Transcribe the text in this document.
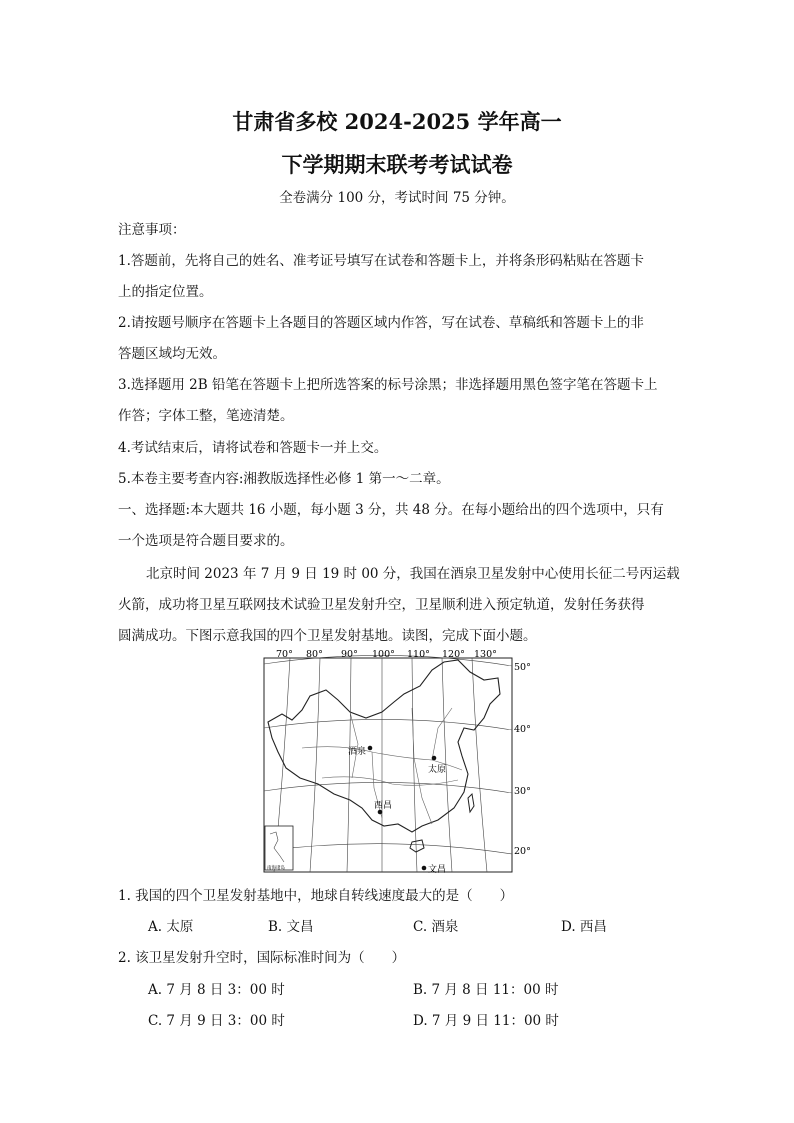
甘肃省多校 2024-2025 学年高一
下学期期末联考考试试卷
全卷满分 100 分，考试时间 75 分钟。
注意事项：
1.答题前，先将自己的姓名、准考证号填写在试卷和答题卡上，并将条形码粘贴在答题卡
上的指定位置。
2.请按题号顺序在答题卡上各题目的答题区域内作答，写在试卷、草稿纸和答题卡上的非
答题区域均无效。
3.选择题用 2B 铅笔在答题卡上把所选答案的标号涂黑；非选择题用黑色签字笔在答题卡上
作答；字体工整，笔迹清楚。
4.考试结束后，请将试卷和答题卡一并上交。
5.本卷主要考查内容:湘教版选择性必修 1 第一～二章。
一、选择题:本大题共 16 小题，每小题 3 分，共 48 分。在每小题给出的四个选项中，只有
一个选项是符合题目要求的。
北京时间 2023 年 7 月 9 日 19 时 00 分，我国在酒泉卫星发射中心使用长征二号丙运载
火箭，成功将卫星互联网技术试验卫星发射升空，卫星顺利进入预定轨道，发射任务获得
圆满成功。下图示意我国的四个卫星发射基地。读图，完成下面小题。
南海诸岛
70° 80° 90° 100° 110° 120° 130°
50°
40°
30°
20°
酒泉
太原
西昌
文昌
1. 我国的四个卫星发射基地中，地球自转线速度最大的是（　　）
A. 太原	B. 文昌	C. 酒泉	D. 西昌
2. 该卫星发射升空时，国际标准时间为（　　）
A. 7 月 8 日 3：00 时	B. 7 月 8 日 11：00 时
C. 7 月 9 日 3：00 时	D. 7 月 9 日 11：00 时
